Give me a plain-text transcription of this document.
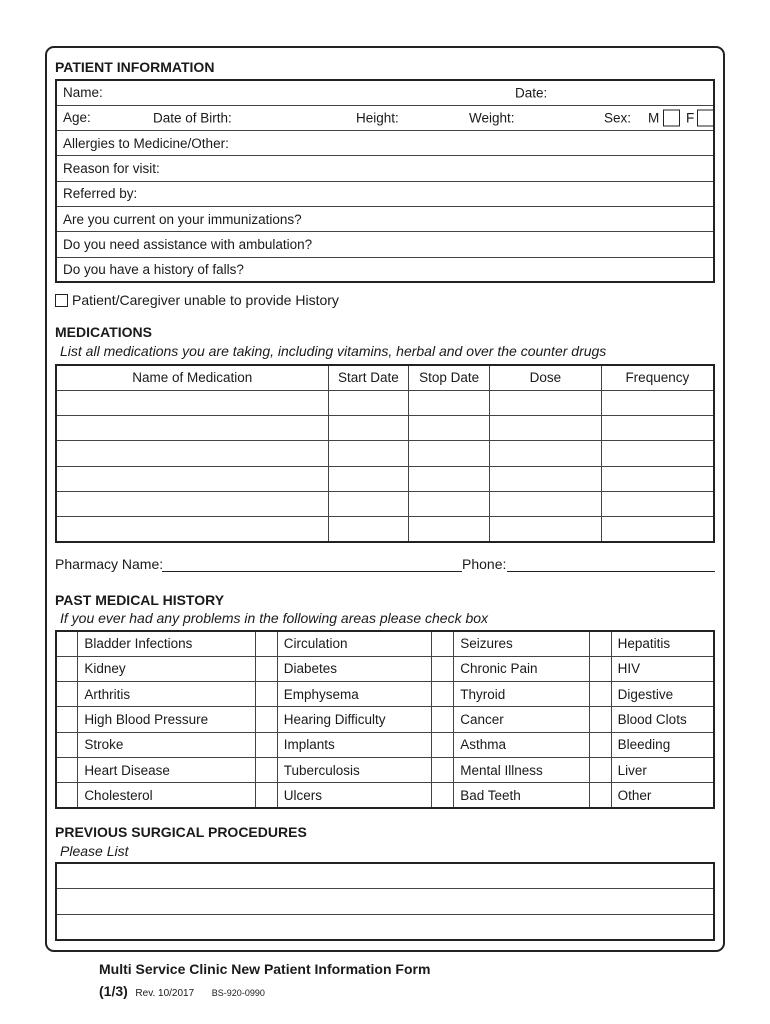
PATIENT INFORMATION
Name:	Date:

Age:	Date of Birth:	Height:	Weight:	Sex: M F

Allergies to Medicine/Other:
Reason for visit:
Referred by:
Are you current on your immunizations?
Do you need assistance with ambulation?
Do you have a history of falls?
Patient/Caregiver unable to provide History
MEDICATIONS
List all medications you are taking, including vitamins, herbal and over the counter drugs
Name of Medication	Start Date	Stop Date	Dose	Frequency

Pharmacy Name:	Phone:
PAST MEDICAL HISTORY
If you ever had any problems in the following areas please check box
	Bladder Infections		Circulation		Seizures		Hepatitis
	Kidney		Diabetes		Chronic Pain		HIV
	Arthritis		Emphysema		Thyroid		Digestive
	High Blood Pressure		Hearing Difficulty		Cancer		Blood Clots
	Stroke		Implants		Asthma		Bleeding
	Heart Disease		Tuberculosis		Mental Illness		Liver
	Cholesterol		Ulcers		Bad Teeth		Other
PREVIOUS SURGICAL PROCEDURES
Please List

Multi Service Clinic New Patient Information Form
(1/3) Rev. 10/2017 BS-920-0990
